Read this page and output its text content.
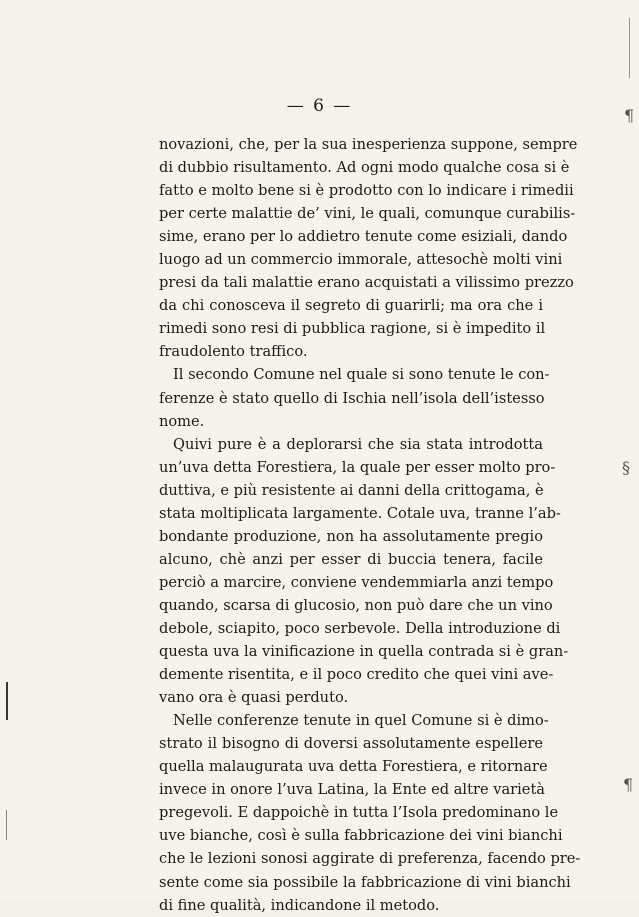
— 6 —
novazioni, che, per la sua inesperienza suppone, sempre
di dubbio risultamento. Ad ogni modo qualche cosa si è
fatto e molto bene si è prodotto con lo indicare i rimedii
per certe malattie de’ vini, le quali, comunque curabilis-
sime, erano per lo addietro tenute come esiziali, dando
luogo ad un commercio immorale, attesochè molti vini
presi da tali malattie erano acquistati a vilissimo prezzo
da chi conosceva il segreto di guarirli; ma ora che i
rimedi sono resi di pubblica ragione, si è impedito il
fraudolento traffico.
Il secondo Comune nel quale si sono tenute le con-
ferenze è stato quello di Ischia nell’isola dell’istesso
nome.
Quivi pure è a deplorarsi che sia stata introdotta
un’uva detta Forestiera, la quale per esser molto pro-
duttiva, e più resistente ai danni della crittogama, è
stata moltiplicata largamente. Cotale uva, tranne l’ab-
bondante produzione, non ha assolutamente pregio
alcuno, chè anzi per esser di buccia tenera, facile
perciò a marcire, conviene vendemmiarla anzi tempo
quando, scarsa di glucosio, non può dare che un vino
debole, sciapito, poco serbevole. Della introduzione di
questa uva la vinificazione in quella contrada si è gran-
demente risentita, e il poco credito che quei vini ave-
vano ora è quasi perduto.
Nelle conferenze tenute in quel Comune si è dimo-
strato il bisogno di doversi assolutamente espellere
quella malaugurata uva detta Forestiera, e ritornare
invece in onore l’uva Latina, la Ente ed altre varietà
pregevoli. E dappoichè in tutta l’Isola predominano le
uve bianche, così è sulla fabbricazione dei vini bianchi
che le lezioni sonosi aggirate di preferenza, facendo pre-
sente come sia possibile la fabbricazione di vini bianchi
di fine qualità, indicandone il metodo.
¶
§
¶
